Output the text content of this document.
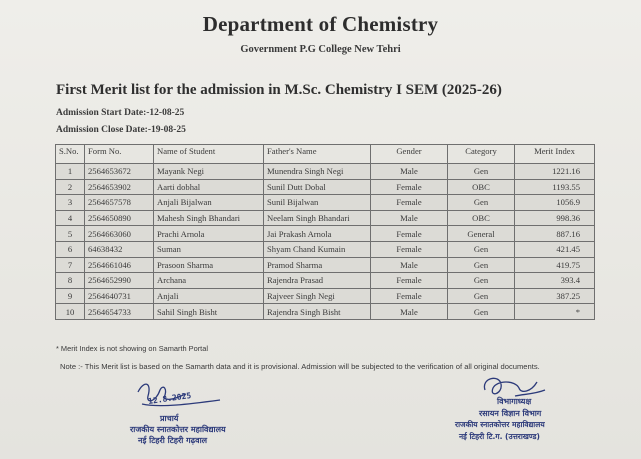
Department of Chemistry
Government P.G College New Tehri
First Merit list for the admission in M.Sc. Chemistry I SEM (2025-26)
Admission Start Date:-12-08-25
Admission Close Date:-19-08-25
S.No.	Form No.	Name of Student	Father's Name	Gender	Category	Merit Index
1	2564653672	Mayank Negi	Munendra Singh Negi	Male	Gen	1221.16
2	2564653902	Aarti dobhal	Sunil Dutt Dobal	Female	OBC	1193.55
3	2564657578	Anjali Bijalwan	Sunil Bijalwan	Female	Gen	1056.9
4	2564650890	Mahesh Singh Bhandari	Neelam Singh Bhandari	Male	OBC	998.36
5	2564663060	Prachi Arnola	Jai Prakash Arnola	Female	General	887.16
6	64638432	Suman	Shyam Chand Kumain	Female	Gen	421.45
7	2564661046	Prasoon Sharma	Pramod Sharma	Male	Gen	419.75
8	2564652990	Archana	Rajendra Prasad	Female	Gen	393.4
9	2564640731	Anjali	Rajveer Singh Negi	Female	Gen	387.25
10	2564654733	Sahil Singh Bisht	Rajendra Singh Bisht	Male	Gen	*
* Merit Index is not showing on Samarth Portal
Note :- This Merit list is based on the Samarth data and it is provisional. Admission will be subjected to the verification of all original documents.
12.8.2025
प्राचार्य
राजकीय स्नातकोत्तर महाविद्यालय
नई टिहरी टिहरी गढ़वाल
विभागाध्यक्ष
रसायन विज्ञान विभाग
राजकीय स्नातकोत्तर महाविद्यालय
नई टिहरी टि.ग. (उत्तराखण्ड)
